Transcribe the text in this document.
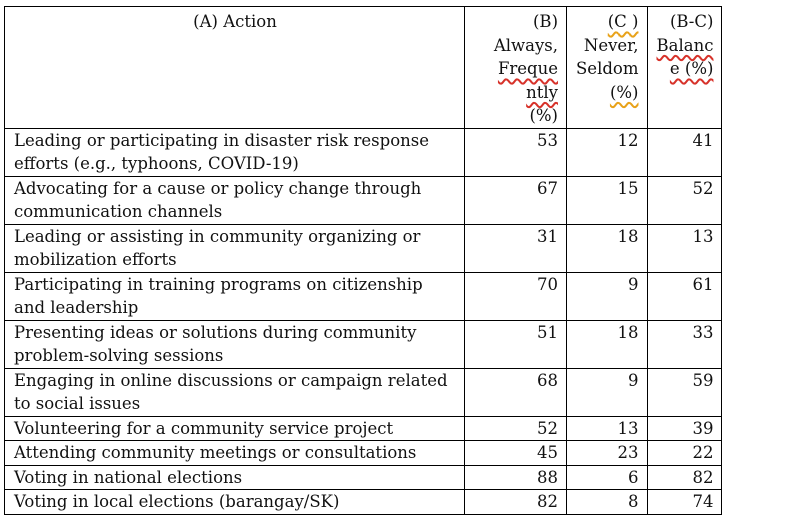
(A) Action	(B) Always,
Freque
ntly
(%)	(C )
Never,
Seldom
(%)	(B-C)
Balanc
e (%)

Leading or participating in disaster risk response efforts (e.g., typhoons, COVID-19)	53	12	41
Advocating for a cause or policy change through communication channels	67	15	52
Leading or assisting in community organizing or mobilization efforts	31	18	13
Participating in training programs on citizenship and leadership	70	9	61
Presenting ideas or solutions during community problem-solving sessions	51	18	33
Engaging in online discussions or campaign related to social issues	68	9	59
Volunteering for a community service project	52	13	39
Attending community meetings or consultations	45	23	22
Voting in national elections	88	6	82
Voting in local elections (barangay/SK)	82	8	74
